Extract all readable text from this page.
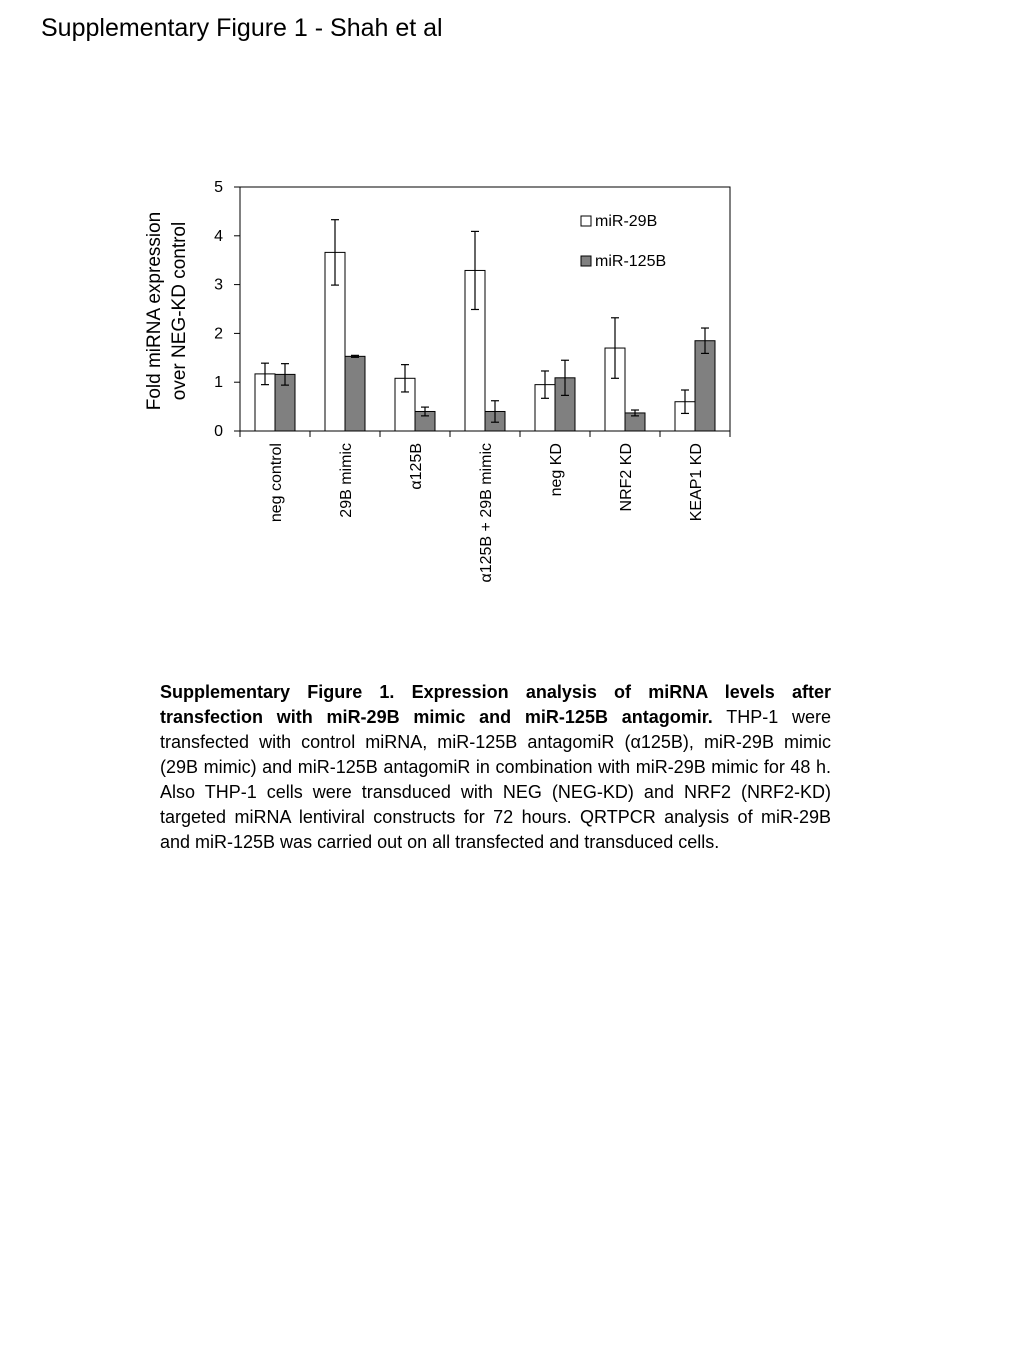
Supplementary Figure 1 - Shah et al
0
1
2
3
4
5
neg control	29B mimic	α125B	α125B + 29B mimic	neg KD	NRF2 KD	KEAP1 KD
Fold miRNA expression over NEG-KD control
miR-29B
miR-125B
Supplementary Figure 1. Expression analysis of miRNA levels after transfection with miR-29B mimic and miR-125B antagomir. THP-1 were transfected with control miRNA, miR-125B antagomiR (α125B), miR-29B mimic (29B mimic) and miR-125B antagomiR in combination with miR-29B mimic for 48 h. Also THP-1 cells were transduced with NEG (NEG-KD) and NRF2 (NRF2-KD) targeted miRNA lentiviral constructs for 72 hours. QRTPCR analysis of miR-29B and miR-125B was carried out on all transfected and transduced cells.
